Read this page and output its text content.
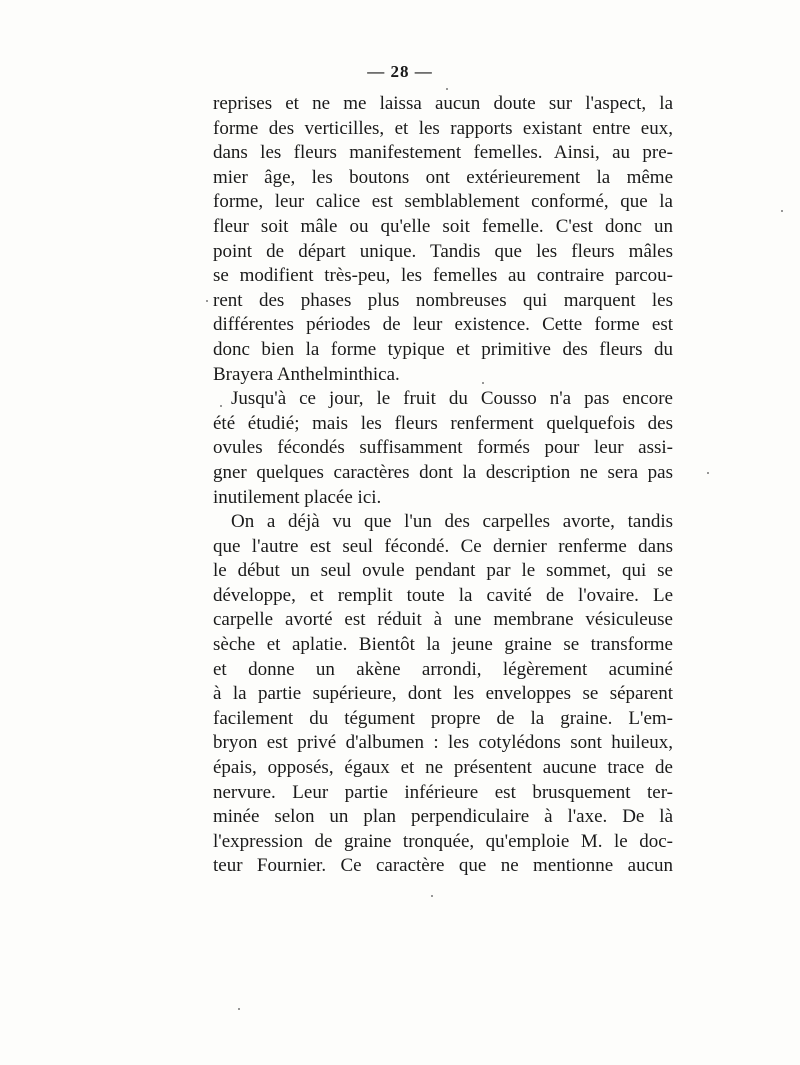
— 28 —
reprises et ne me laissa aucun doute sur l'aspect, la
forme des verticilles, et les rapports existant entre eux,
dans les fleurs manifestement femelles. Ainsi, au pre-
mier âge, les boutons ont extérieurement la même
forme, leur calice est semblablement conformé, que la
fleur soit mâle ou qu'elle soit femelle. C'est donc un
point de départ unique. Tandis que les fleurs mâles
se modifient très-peu, les femelles au contraire parcou-
rent des phases plus nombreuses qui marquent les
différentes périodes de leur existence. Cette forme est
donc bien la forme typique et primitive des fleurs du
Brayera Anthelminthica.
Jusqu'à ce jour, le fruit du Cousso n'a pas encore
été étudié; mais les fleurs renferment quelquefois des
ovules fécondés suffisamment formés pour leur assi-
gner quelques caractères dont la description ne sera pas
inutilement placée ici.
On a déjà vu que l'un des carpelles avorte, tandis
que l'autre est seul fécondé. Ce dernier renferme dans
le début un seul ovule pendant par le sommet, qui se
développe, et remplit toute la cavité de l'ovaire. Le
carpelle avorté est réduit à une membrane vésiculeuse
sèche et aplatie. Bientôt la jeune graine se transforme
et donne un akène arrondi, légèrement acuminé
à la partie supérieure, dont les enveloppes se séparent
facilement du tégument propre de la graine. L'em-
bryon est privé d'albumen : les cotylédons sont huileux,
épais, opposés, égaux et ne présentent aucune trace de
nervure. Leur partie inférieure est brusquement ter-
minée selon un plan perpendiculaire à l'axe. De là
l'expression de graine tronquée, qu'emploie M. le doc-
teur Fournier. Ce caractère que ne mentionne aucun
